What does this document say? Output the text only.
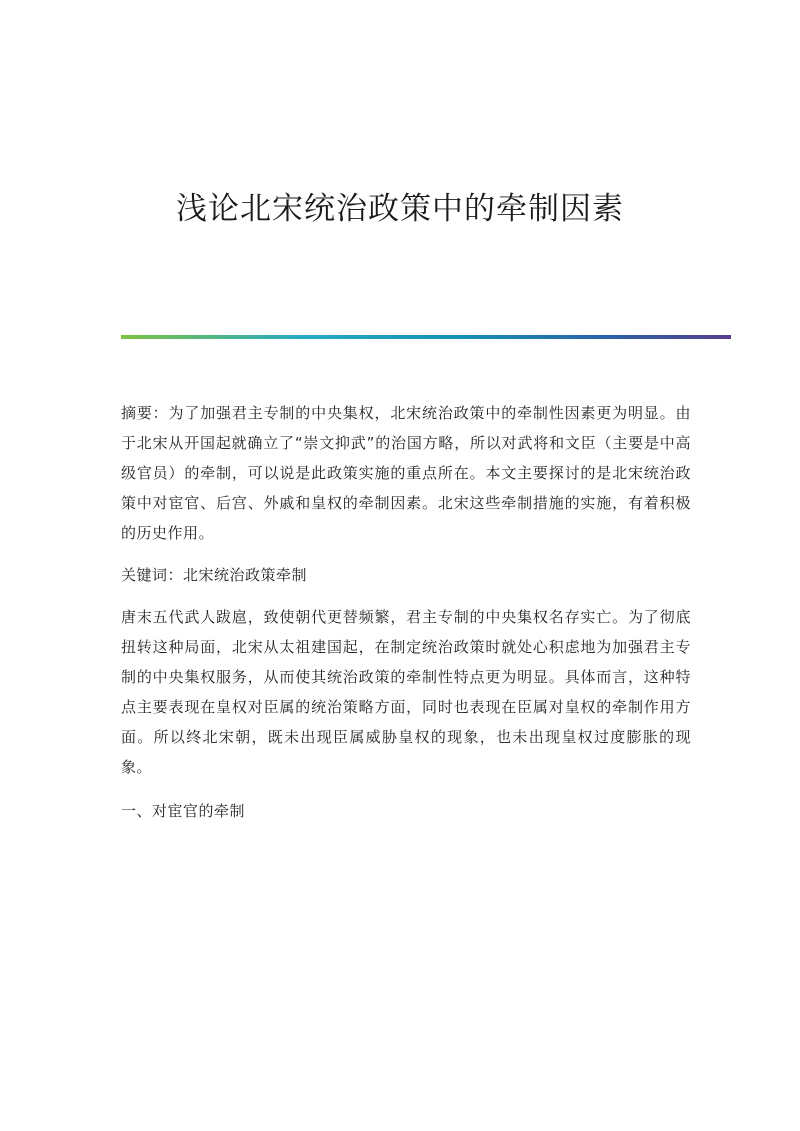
浅论北宋统治政策中的牵制因素

摘要：为了加强君主专制的中央集权，北宋统治政策中的牵制性因素更为明显。由于北宋从开国起就确立了“崇文抑武”的治国方略，所以对武将和文臣（主要是中高级官员）的牵制，可以说是此政策实施的重点所在。本文主要探讨的是北宋统治政策中对宦官、后宫、外戚和皇权的牵制因素。北宋这些牵制措施的实施，有着积极的历史作用。

关键词：北宋统治政策牵制

唐末五代武人跋扈，致使朝代更替频繁，君主专制的中央集权名存实亡。为了彻底扭转这种局面，北宋从太祖建国起，在制定统治政策时就处心积虑地为加强君主专制的中央集权服务，从而使其统治政策的牵制性特点更为明显。具体而言，这种特点主要表现在皇权对臣属的统治策略方面，同时也表现在臣属对皇权的牵制作用方面。所以终北宋朝，既未出现臣属威胁皇权的现象，也未出现皇权过度膨胀的现象。

一、对宦官的牵制
